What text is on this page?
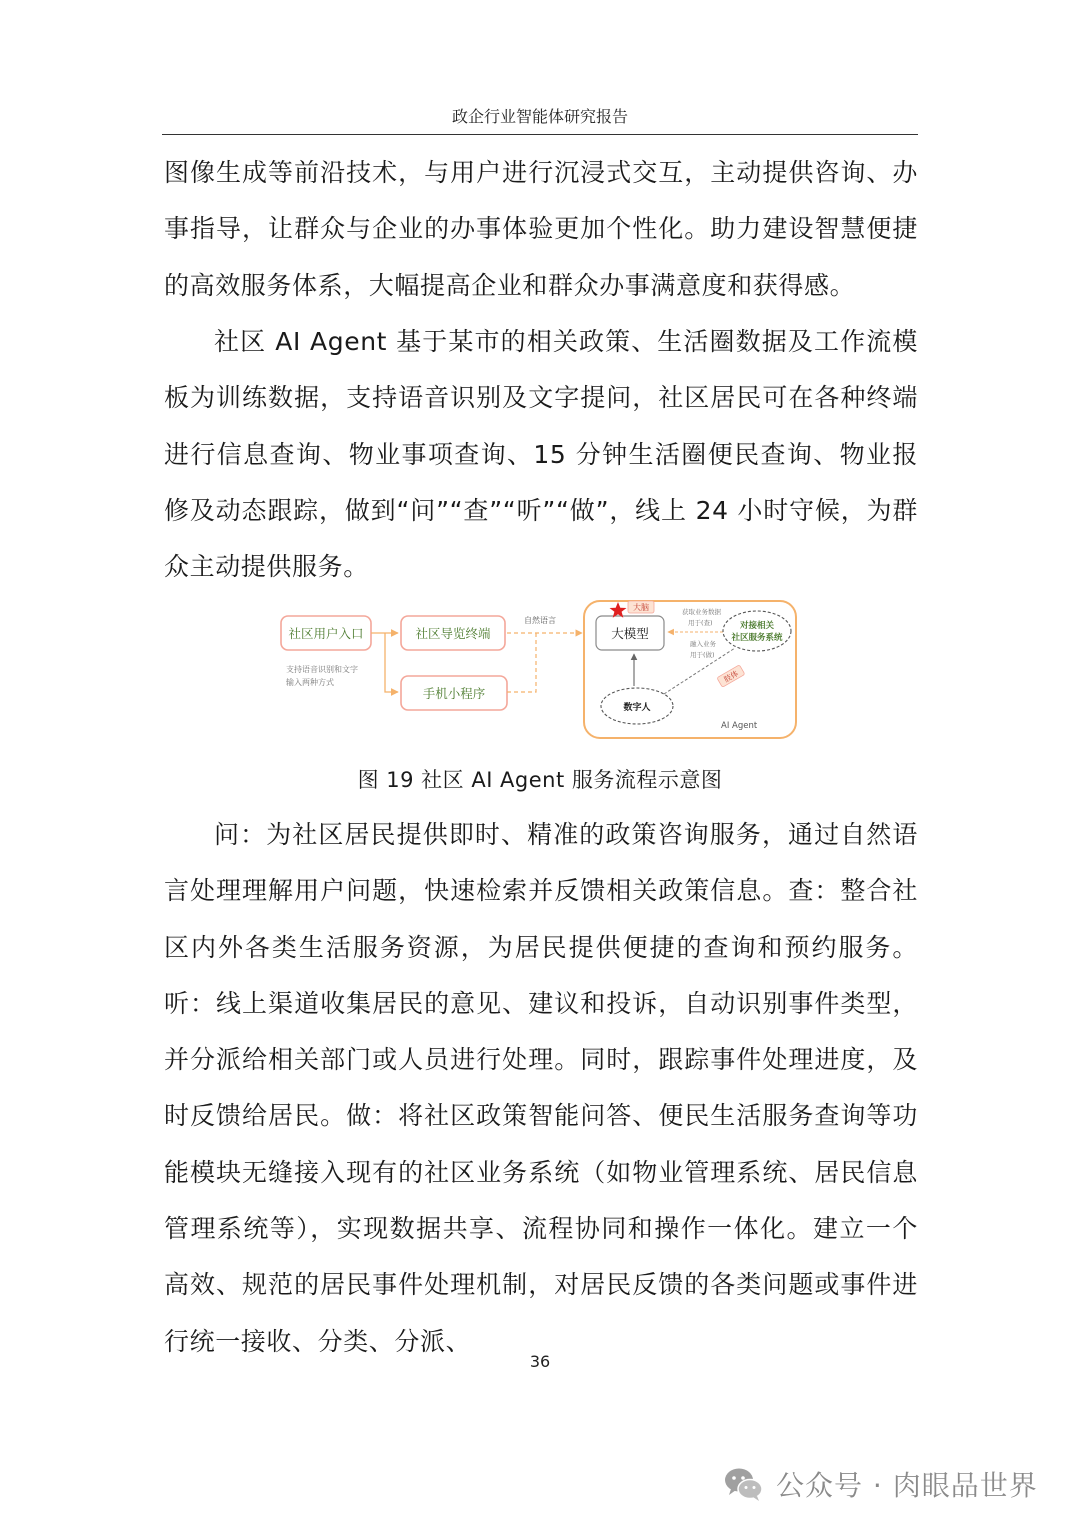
政企行业智能体研究报告

图像生成等前沿技术，与用户进行沉浸式交互，主动提供咨询、办事指导，让群众与企业的办事体验更加个性化。助力建设智慧便捷的高效服务体系，大幅提高企业和群众办事满意度和获得感。

社区 AI Agent 基于某市的相关政策、生活圈数据及工作流模板为训练数据，支持语音识别及文字提问，社区居民可在各种终端进行信息查询、物业事项查询、15 分钟生活圈便民查询、物业报修及动态跟踪，做到“问”“查”“听”“做”，线上 24 小时守候，为群众主动提供服务。

社区用户入口
支持语音识别和文字
输入两种方式
社区导览终端
手机小程序
自然语言
大模型
大脑	获取业务数据
用于(查)
融入业务
用于(做)
对接相关
社区服务系统
数字人
肢体
AI Agent
图 19 社区 AI Agent 服务流程示意图

问：为社区居民提供即时、精准的政策咨询服务，通过自然语言处理理解用户问题，快速检索并反馈相关政策信息。查：整合社区内外各类生活服务资源，为居民提供便捷的查询和预约服务。听：线上渠道收集居民的意见、建议和投诉，自动识别事件类型，并分派给相关部门或人员进行处理。同时，跟踪事件处理进度，及时反馈给居民。做：将社区政策智能问答、便民生活服务查询等功能模块无缝接入现有的社区业务系统（如物业管理系统、居民信息管理系统等），实现数据共享、流程协同和操作一体化。建立一个高效、规范的居民事件处理机制，对居民反馈的各类问题或事件进行统一接收、分类、分派、

36
公众号 · 肉眼品世界
